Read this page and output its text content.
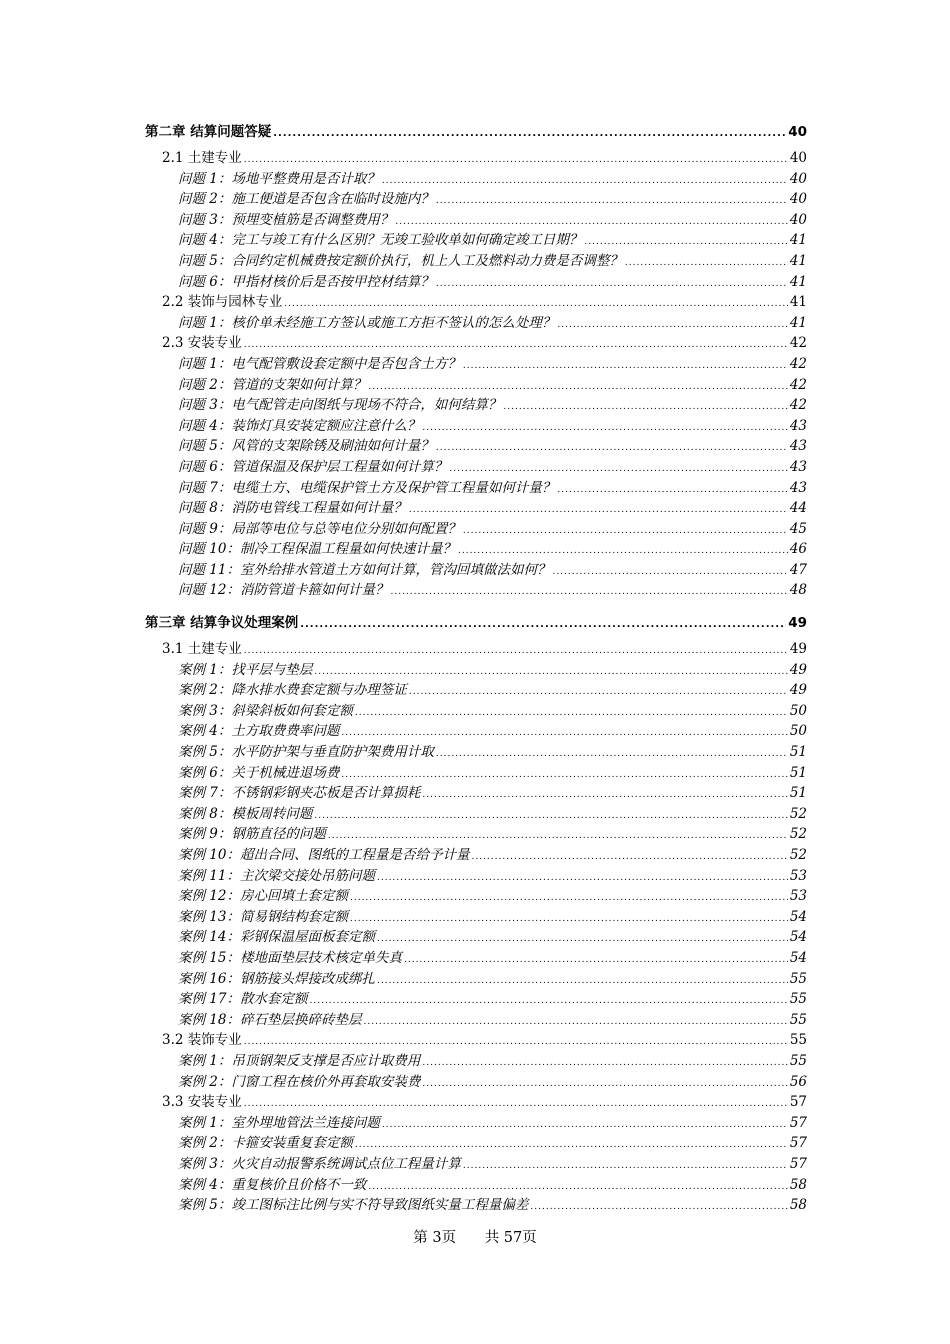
第二章 结算问题答疑 .....	40
2.1 土建专业 .....	40
问题 1：场地平整费用是否计取？ .....	40
问题 2：施工便道是否包含在临时设施内？ .....	40
问题 3：预埋变植筋是否调整费用？ .....	40
问题 4：完工与竣工有什么区别？无竣工验收单如何确定竣工日期？ .....	41
问题 5：合同约定机械费按定额价执行，机上人工及燃料动力费是否调整？ .....	41
问题 6：甲指材核价后是否按甲控材结算？ .....	41
2.2 装饰与园林专业 .....	41
问题 1：核价单未经施工方签认或施工方拒不签认的怎么处理？ .....	41
2.3 安装专业 .....	42
问题 1：电气配管敷设套定额中是否包含土方？ .....	42
问题 2：管道的支架如何计算？ .....	42
问题 3：电气配管走向图纸与现场不符合，如何结算？ .....	42
问题 4：装饰灯具安装定额应注意什么？ .....	43
问题 5：风管的支架除锈及刷油如何计量？ .....	43
问题 6：管道保温及保护层工程量如何计算？ .....	43
问题 7：电缆土方、电缆保护管土方及保护管工程量如何计量？ .....	43
问题 8：消防电管线工程量如何计量？ .....	44
问题 9：局部等电位与总等电位分别如何配置？ .....	45
问题 10：制冷工程保温工程量如何快速计量？ .....	46
问题 11：室外给排水管道土方如何计算，管沟回填做法如何？ .....	47
问题 12：消防管道卡箍如何计量？ .....	48
第三章 结算争议处理案例 .....	49
3.1 土建专业 .....	49
案例 1：找平层与垫层 .....	49
案例 2：降水排水费套定额与办理签证 .....	49
案例 3：斜梁斜板如何套定额 .....	50
案例 4：土方取费费率问题 .....	50
案例 5：水平防护架与垂直防护架费用计取 .....	51
案例 6：关于机械进退场费 .....	51
案例 7：不锈钢彩钢夹芯板是否计算损耗 .....	51
案例 8：模板周转问题 .....	52
案例 9：钢筋直径的问题 .....	52
案例 10：超出合同、图纸的工程量是否给予计量 .....	52
案例 11：主次梁交接处吊筋问题 .....	53
案例 12：房心回填土套定额 .....	53
案例 13：简易钢结构套定额 .....	54
案例 14：彩钢保温屋面板套定额 .....	54
案例 15：楼地面垫层技术核定单失真 .....	54
案例 16：钢筋接头焊接改成绑扎 .....	55
案例 17：散水套定额 .....	55
案例 18：碎石垫层换碎砖垫层 .....	55
3.2 装饰专业 .....	55
案例 1：吊顶钢架反支撑是否应计取费用 .....	55
案例 2：门窗工程在核价外再套取安装费 .....	56
3.3 安装专业 .....	57
案例 1：室外埋地管法兰连接问题 .....	57
案例 2：卡箍安装重复套定额 .....	57
案例 3：火灾自动报警系统调试点位工程量计算 .....	57
案例 4：重复核价且价格不一致 .....	58
案例 5：竣工图标注比例与实不符导致图纸实量工程量偏差 .....	58
第 3页 共 57页
